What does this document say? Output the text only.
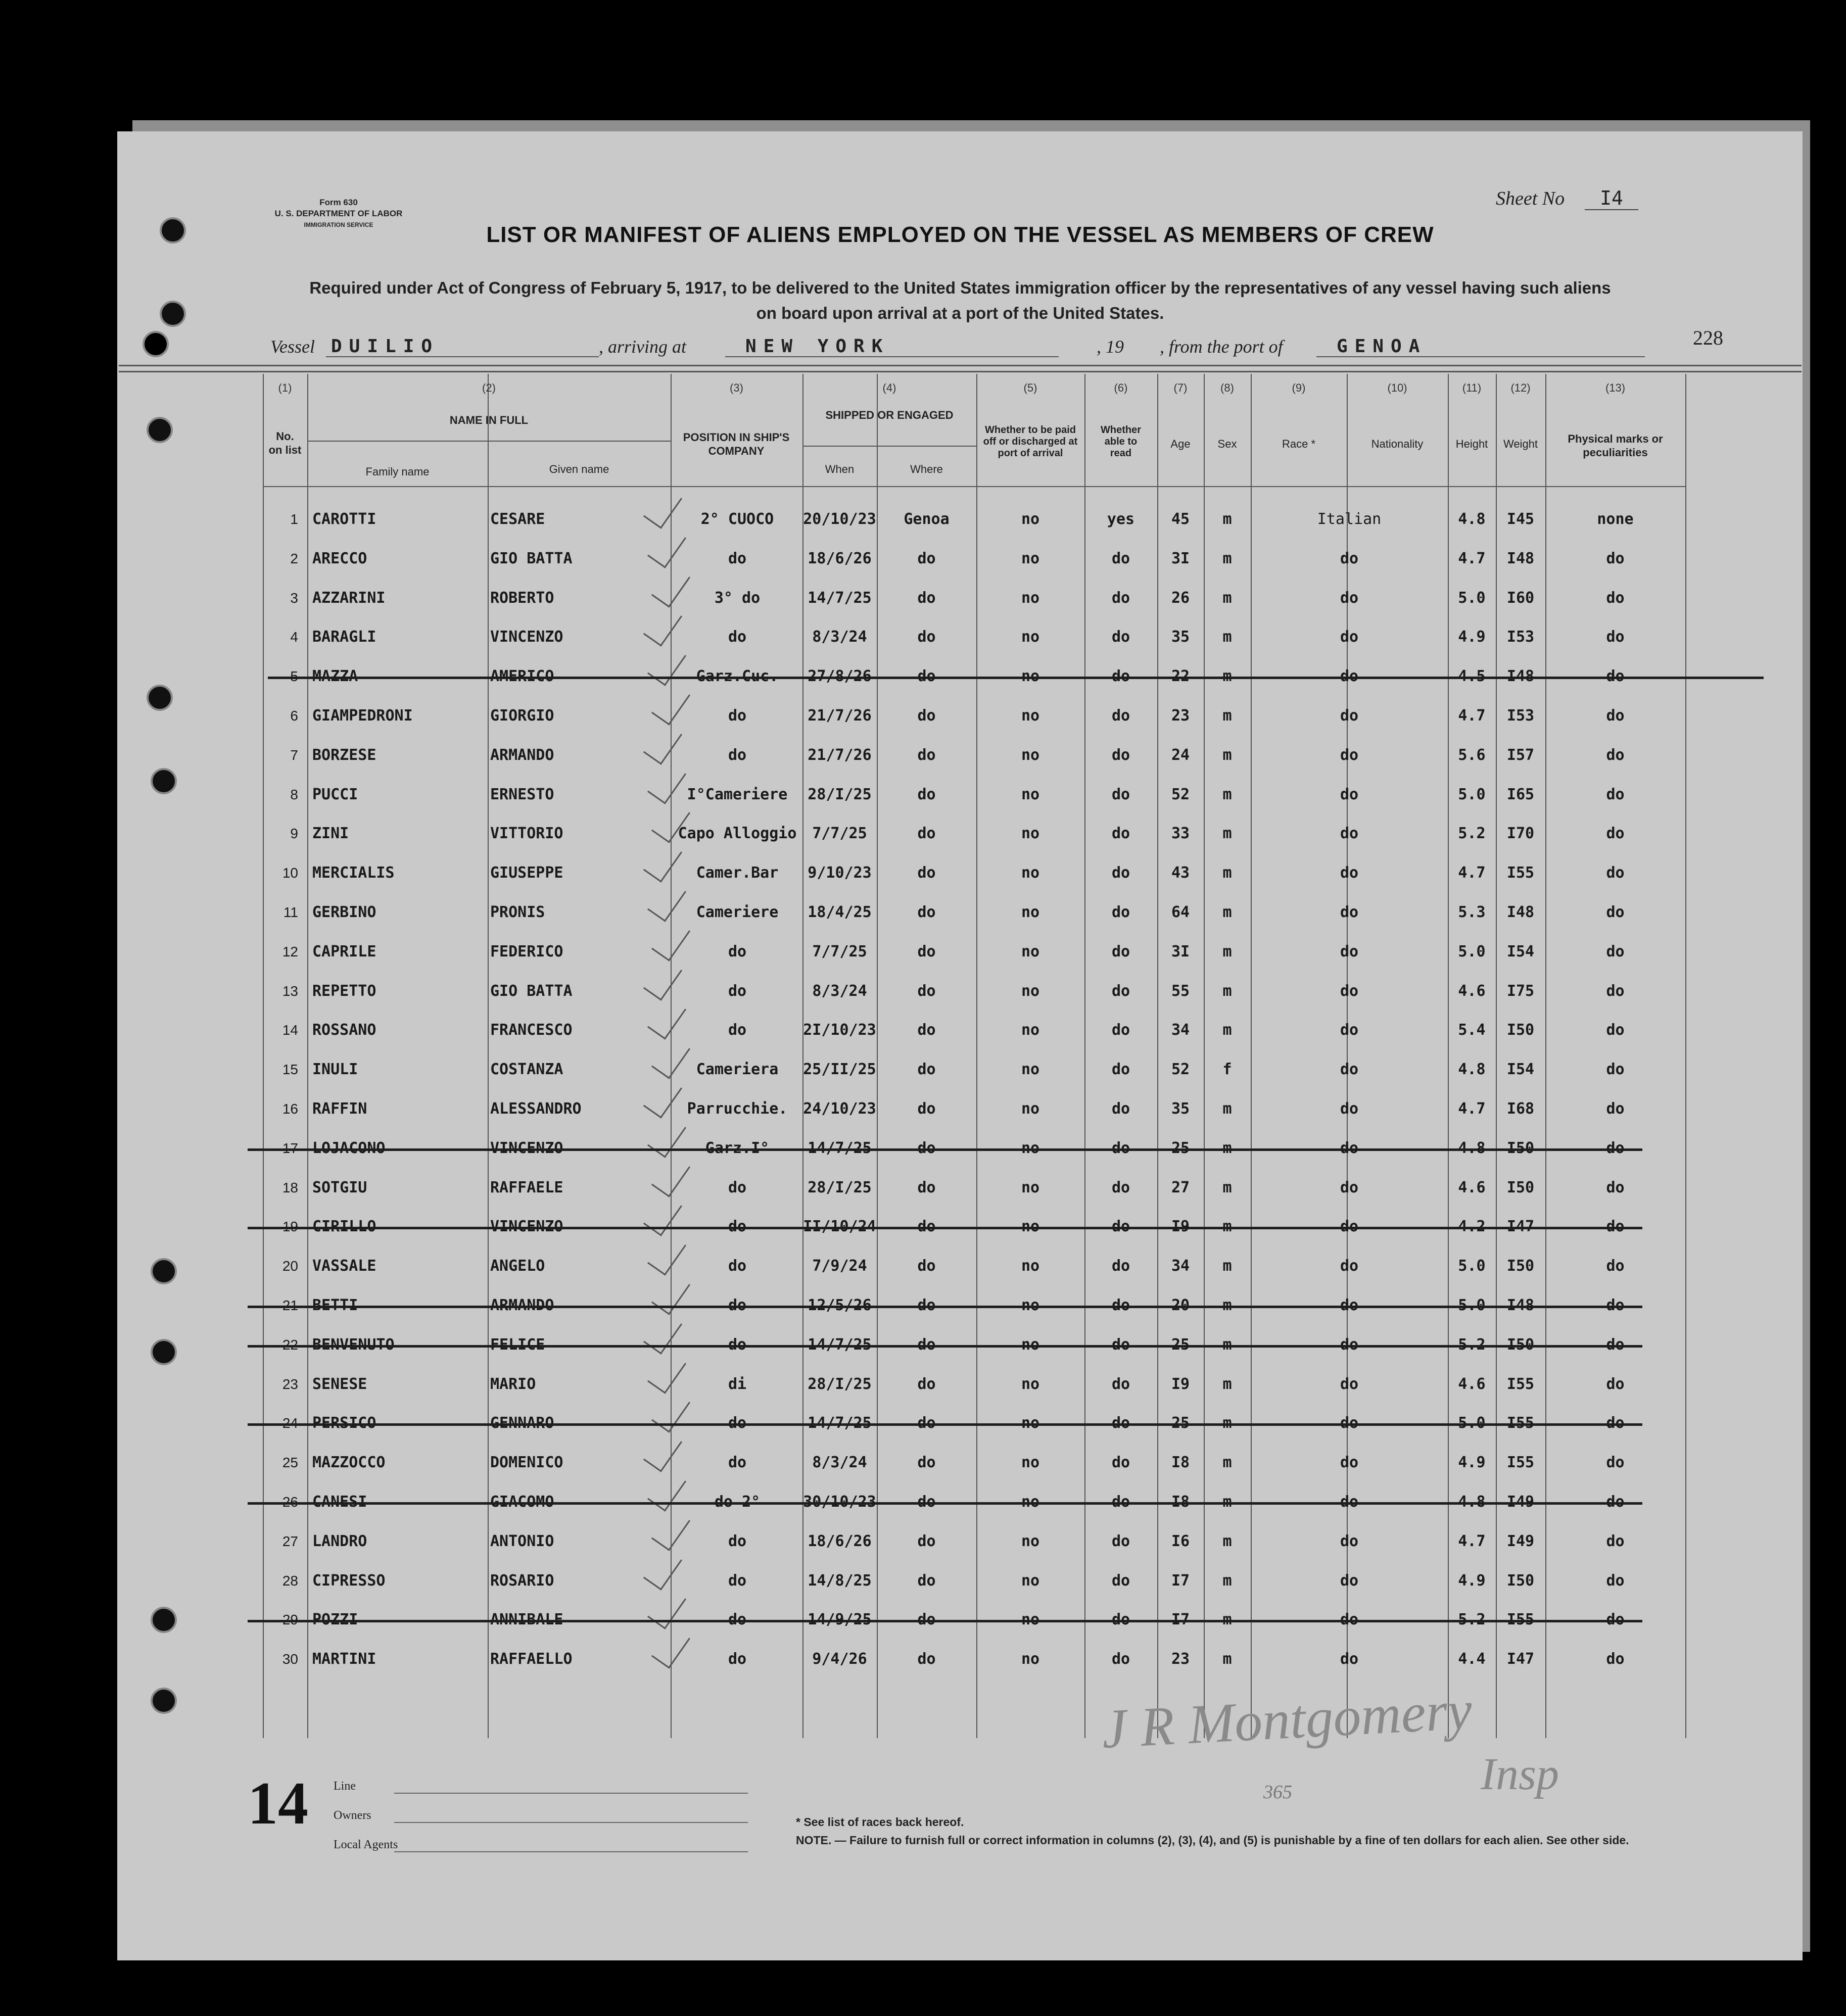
Form 630
U. S. DEPARTMENT OF LABOR
IMMIGRATION SERVICE
Sheet No I4
228
LIST OR MANIFEST OF ALIENS EMPLOYED ON THE VESSEL AS MEMBERS OF CREW
Required under Act of Congress of February 5, 1917, to be delivered to the United States immigration officer by the representatives of any vessel having such aliens
on board upon arrival at a port of the United States.
Vessel DUILIO	, arriving at	NEW YORK	, 19 , from the port of	GENOA
(1)	(2)	(3)	(4)	(5)	(6)	(7)	(8)	(9)	(10)	(11)	(12)	(13)
No. on list
NAME IN FULL
Family name	Given name
POSITION IN SHIP'S COMPANY
SHIPPED OR ENGAGED
When	Where
Whether to be paid off or discharged at port of arrival
Whether able to read
Age	Sex	Race *	Nationality	Height	Weight	Physical marks or peculiarities
1 CAROTTI	CESARE	2° CUOCO	20/10/23	Genoa	no	yes	45	m	Italian	4.8	I45	none
2 ARECCO	GIO BATTA	do	18/6/26	do	no	do	3I	m	do	4.7	I48	do
3 AZZARINI	ROBERTO	3° do	14/7/25	do	no	do	26	m	do	5.0	I60	do
4 BARAGLI	VINCENZO	do	8/3/24	do	no	do	35	m	do	4.9	I53	do
5 MAZZA	AMERICO	Garz.Cuc.	27/8/26	do	no	do	22	m	do	4.5	I48	do
6 GIAMPEDRONI	GIORGIO	do	21/7/26	do	no	do	23	m	do	4.7	I53	do
7 BORZESE	ARMANDO	do	21/7/26	do	no	do	24	m	do	5.6	I57	do
8 PUCCI	ERNESTO	I°Cameriere	28/I/25	do	no	do	52	m	do	5.0	I65	do
9 ZINI	VITTORIO	Capo Alloggio	7/7/25	do	no	do	33	m	do	5.2	I70	do
10 MERCIALIS	GIUSEPPE	Camer.Bar	9/10/23	do	no	do	43	m	do	4.7	I55	do
11 GERBINO	PRONIS	Cameriere	18/4/25	do	no	do	64	m	do	5.3	I48	do
12 CAPRILE	FEDERICO	do	7/7/25	do	no	do	3I	m	do	5.0	I54	do
13 REPETTO	GIO BATTA	do	8/3/24	do	no	do	55	m	do	4.6	I75	do
14 ROSSANO	FRANCESCO	do	2I/10/23	do	no	do	34	m	do	5.4	I50	do
15 INULI	COSTANZA	Cameriera	25/II/25	do	no	do	52	f	do	4.8	I54	do
16 RAFFIN	ALESSANDRO	Parrucchie.	24/10/23	do	no	do	35	m	do	4.7	I68	do
17 LOJACONO	VINCENZO	Garz.I°	14/7/25	do	no	do	25	m	do	4.8	I50	do
18 SOTGIU	RAFFAELE	do	28/I/25	do	no	do	27	m	do	4.6	I50	do
19 CIRILLO	VINCENZO	do	II/10/24	do	no	do	I9	m	do	4.2	I47	do
20 VASSALE	ANGELO	do	7/9/24	do	no	do	34	m	do	5.0	I50	do
21 BETTI	ARMANDO	do	12/5/26	do	no	do	20	m	do	5.0	I48	do
22 BENVENUTO	FELICE	do	14/7/25	do	no	do	25	m	do	5.2	I50	do
23 SENESE	MARIO	di	28/I/25	do	no	do	I9	m	do	4.6	I55	do
24 PERSICO	GENNARO	do	14/7/25	do	no	do	25	m	do	5.0	I55	do
25 MAZZOCCO	DOMENICO	do	8/3/24	do	no	do	I8	m	do	4.9	I55	do
26 CANESI	GIACOMO	do 2°	30/10/23	do	no	do	I8	m	do	4.8	I49	do
27 LANDRO	ANTONIO	do	18/6/26	do	no	do	I6	m	do	4.7	I49	do
28 CIPRESSO	ROSARIO	do	14/8/25	do	no	do	I7	m	do	4.9	I50	do
29 POZZI	ANNIBALE	do	14/9/25	do	no	do	I7	m	do	5.2	I55	do
30 MARTINI	RAFFAELLO	do	9/4/26	do	no	do	23	m	do	4.4	I47	do
14 Line
Owners
Local Agents
* See list of races back hereof.
NOTE. — Failure to furnish full or correct information in columns (2), (3), (4), and (5) is punishable by a fine of ten dollars for each alien. See other side.
365
J R Montgomery
Insp
